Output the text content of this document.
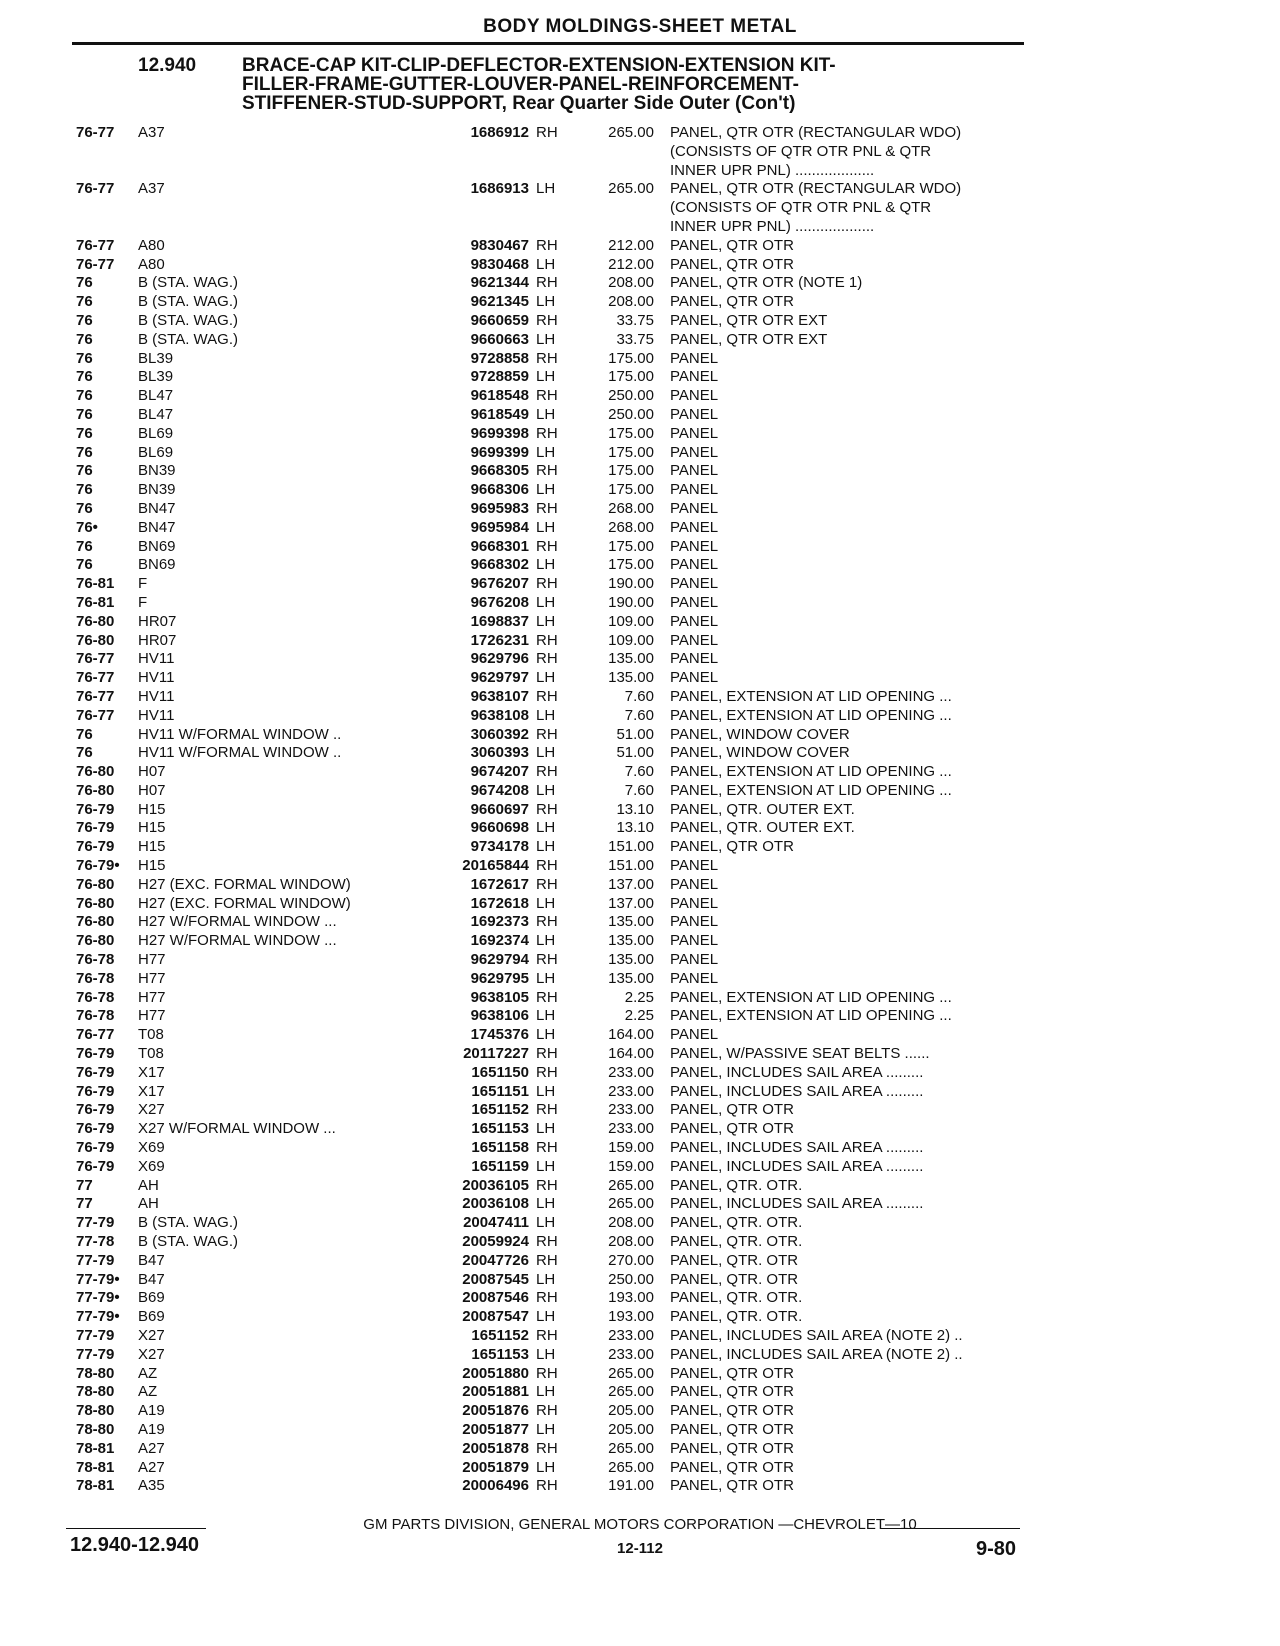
BODY MOLDINGS-SHEET METAL
12.940 BRACE-CAP KIT-CLIP-DEFLECTOR-EXTENSION-EXTENSION KIT-
FILLER-FRAME-GUTTER-LOUVER-PANEL-REINFORCEMENT-
STIFFENER-STUD-SUPPORT, Rear Quarter Side Outer (Con't)
76-77	A37	1686912 RH	265.00 PANEL, QTR OTR (RECTANGULAR WDO)
(CONSISTS OF QTR OTR PNL & QTR
INNER UPR PNL) ...................
76-77	A37	1686913 LH	265.00 PANEL, QTR OTR (RECTANGULAR WDO)
(CONSISTS OF QTR OTR PNL & QTR
INNER UPR PNL) ...................
76-77	A80	9830467 RH	212.00 PANEL, QTR OTR
76-77	A80	9830468 LH	212.00 PANEL, QTR OTR
76	B (STA. WAG.)	9621344 RH	208.00 PANEL, QTR OTR (NOTE 1)
76	B (STA. WAG.)	9621345 LH	208.00 PANEL, QTR OTR
76	B (STA. WAG.)	9660659 RH	33.75 PANEL, QTR OTR EXT
76	B (STA. WAG.)	9660663 LH	33.75 PANEL, QTR OTR EXT
76	BL39	9728858 RH	175.00 PANEL
76	BL39	9728859 LH	175.00 PANEL
76	BL47	9618548 RH	250.00 PANEL
76	BL47	9618549 LH	250.00 PANEL
76	BL69	9699398 RH	175.00 PANEL
76	BL69	9699399 LH	175.00 PANEL
76	BN39	9668305 RH	175.00 PANEL
76	BN39	9668306 LH	175.00 PANEL
76	BN47	9695983 RH	268.00 PANEL
76•	BN47	9695984 LH	268.00 PANEL
76	BN69	9668301 RH	175.00 PANEL
76	BN69	9668302 LH	175.00 PANEL
76-81	F	9676207 RH	190.00 PANEL
76-81	F	9676208 LH	190.00 PANEL
76-80	HR07	1698837 LH	109.00 PANEL
76-80	HR07	1726231 RH	109.00 PANEL
76-77	HV11	9629796 RH	135.00 PANEL
76-77	HV11	9629797 LH	135.00 PANEL
76-77	HV11	9638107 RH	7.60 PANEL, EXTENSION AT LID OPENING ...
76-77	HV11	9638108 LH	7.60 PANEL, EXTENSION AT LID OPENING ...
76	HV11 W/FORMAL WINDOW ..	3060392 RH	51.00 PANEL, WINDOW COVER
76	HV11 W/FORMAL WINDOW ..	3060393 LH	51.00 PANEL, WINDOW COVER
76-80	H07	9674207 RH	7.60 PANEL, EXTENSION AT LID OPENING ...
76-80	H07	9674208 LH	7.60 PANEL, EXTENSION AT LID OPENING ...
76-79	H15	9660697 RH	13.10 PANEL, QTR. OUTER EXT.
76-79	H15	9660698 LH	13.10 PANEL, QTR. OUTER EXT.
76-79	H15	9734178 LH	151.00 PANEL, QTR OTR
76-79•	H15	20165844 RH	151.00 PANEL
76-80	H27 (EXC. FORMAL WINDOW)	1672617 RH	137.00 PANEL
76-80	H27 (EXC. FORMAL WINDOW)	1672618 LH	137.00 PANEL
76-80	H27 W/FORMAL WINDOW ...	1692373 RH	135.00 PANEL
76-80	H27 W/FORMAL WINDOW ...	1692374 LH	135.00 PANEL
76-78	H77	9629794 RH	135.00 PANEL
76-78	H77	9629795 LH	135.00 PANEL
76-78	H77	9638105 RH	2.25 PANEL, EXTENSION AT LID OPENING ...
76-78	H77	9638106 LH	2.25 PANEL, EXTENSION AT LID OPENING ...
76-77	T08	1745376 LH	164.00 PANEL
76-79	T08	20117227 RH	164.00 PANEL, W/PASSIVE SEAT BELTS ......
76-79	X17	1651150 RH	233.00 PANEL, INCLUDES SAIL AREA .........
76-79	X17	1651151 LH	233.00 PANEL, INCLUDES SAIL AREA .........
76-79	X27	1651152 RH	233.00 PANEL, QTR OTR
76-79	X27 W/FORMAL WINDOW ...	1651153 LH	233.00 PANEL, QTR OTR
76-79	X69	1651158 RH	159.00 PANEL, INCLUDES SAIL AREA .........
76-79	X69	1651159 LH	159.00 PANEL, INCLUDES SAIL AREA .........
77	AH	20036105 RH	265.00 PANEL, QTR. OTR.
77	AH	20036108 LH	265.00 PANEL, INCLUDES SAIL AREA .........
77-79	B (STA. WAG.)	20047411 LH	208.00 PANEL, QTR. OTR.
77-78	B (STA. WAG.)	20059924 RH	208.00 PANEL, QTR. OTR.
77-79	B47	20047726 RH	270.00 PANEL, QTR. OTR
77-79•	B47	20087545 LH	250.00 PANEL, QTR. OTR
77-79•	B69	20087546 RH	193.00 PANEL, QTR. OTR.
77-79•	B69	20087547 LH	193.00 PANEL, QTR. OTR.
77-79	X27	1651152 RH	233.00 PANEL, INCLUDES SAIL AREA (NOTE 2) ..
77-79	X27	1651153 LH	233.00 PANEL, INCLUDES SAIL AREA (NOTE 2) ..
78-80	AZ	20051880 RH	265.00 PANEL, QTR OTR
78-80	AZ	20051881 LH	265.00 PANEL, QTR OTR
78-80	A19	20051876 RH	205.00 PANEL, QTR OTR
78-80	A19	20051877 LH	205.00 PANEL, QTR OTR
78-81	A27	20051878 RH	265.00 PANEL, QTR OTR
78-81	A27	20051879 LH	265.00 PANEL, QTR OTR
78-81	A35	20006496 RH	191.00 PANEL, QTR OTR
GM PARTS DIVISION, GENERAL MOTORS CORPORATION —CHEVROLET—10
12.940-12.940	12-112	9-80
